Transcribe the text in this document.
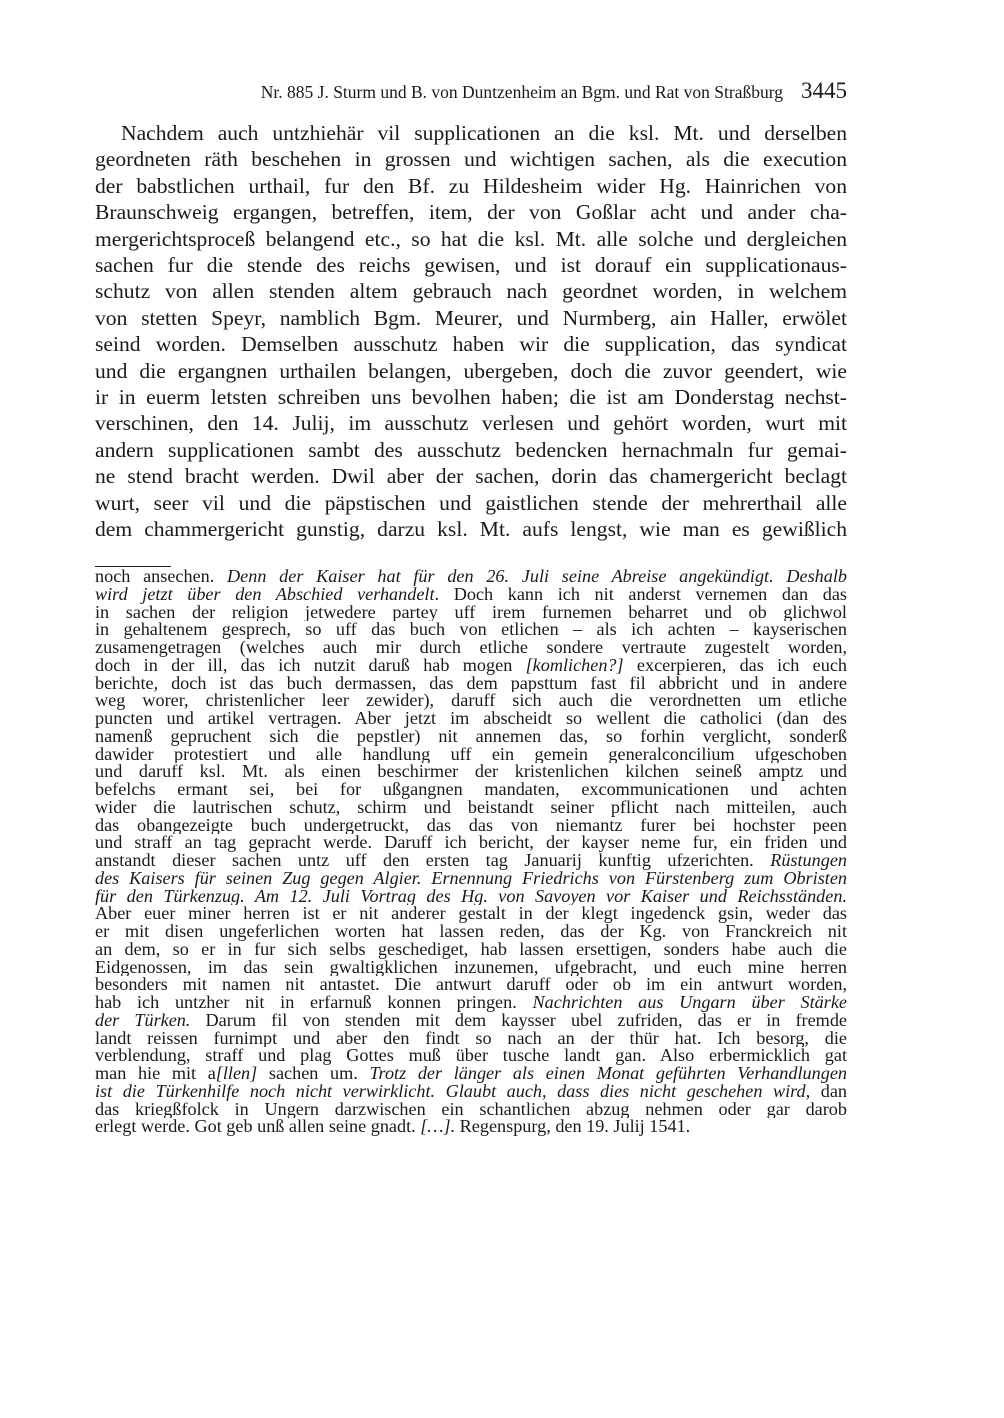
Nr. 885 J. Sturm und B. von Duntzenheim an Bgm. und Rat von Straßburg 3445
Nachdem auch untzhiehär vil supplicationen an die ksl. Mt. und derselben
geordneten räth beschehen in grossen und wichtigen sachen, als die execution
der babstlichen urthail, fur den Bf. zu Hildesheim wider Hg. Hainrichen von
Braunschweig ergangen, betreffen, item, der von Goßlar acht und ander cha-
mergerichtsproceß belangend etc., so hat die ksl. Mt. alle solche und dergleichen
sachen fur die stende des reichs gewisen, und ist dorauf ein supplicationaus-
schutz von allen stenden altem gebrauch nach geordnet worden, in welchem
von stetten Speyr, namblich Bgm. Meurer, und Nurmberg, ain Haller, erwölet
seind worden. Demselben ausschutz haben wir die supplication, das syndicat
und die ergangnen urthailen belangen, ubergeben, doch die zuvor geendert, wie
ir in euerm letsten schreiben uns bevolhen haben; die ist am Donderstag nechst-
verschinen, den 14. Julij, im ausschutz verlesen und gehört worden, wurt mit
andern supplicationen sambt des ausschutz bedencken hernachmaln fur gemai-
ne stend bracht werden. Dwil aber der sachen, dorin das chamergericht beclagt
wurt, seer vil und die päpstischen und gaistlichen stende der mehrerthail alle
dem chammergericht gunstig, darzu ksl. Mt. aufs lengst, wie man es gewißlich
noch ansechen. Denn der Kaiser hat für den 26. Juli seine Abreise angekündigt. Deshalb
wird jetzt über den Abschied verhandelt. Doch kann ich nit anderst vernemen dan das
in sachen der religion jetwedere partey uff irem furnemen beharret und ob glichwol
in gehaltenem gesprech, so uff das buch von etlichen – als ich achten – kayserischen
zusamengetragen (welches auch mir durch etliche sondere vertraute zugestelt worden,
doch in der ill, das ich nutzit daruß hab mogen [komlichen?] excerpieren, das ich euch
berichte, doch ist das buch dermassen, das dem papsttum fast fil abbricht und in andere
weg worer, christenlicher leer zewider), daruff sich auch die verordnetten um etliche
puncten und artikel vertragen. Aber jetzt im abscheidt so wellent die catholici (dan des
namenß gepruchent sich die pepstler) nit annemen das, so forhin verglicht, sonderß
dawider protestiert und alle handlung uff ein gemein generalconcilium ufgeschoben
und daruff ksl. Mt. als einen beschirmer der kristenlichen kilchen seineß amptz und
befelchs ermant sei, bei for ußgangnen mandaten, excommunicationen und achten
wider die lautrischen schutz, schirm und beistandt seiner pflicht nach mitteilen, auch
das obangezeigte buch undergetruckt, das das von niemantz furer bei hochster peen
und straff an tag gepracht werde. Daruff ich bericht, der kayser neme fur, ein friden und
anstandt dieser sachen untz uff den ersten tag Januarij kunftig ufzerichten. Rüstungen
des Kaisers für seinen Zug gegen Algier. Ernennung Friedrichs von Fürstenberg zum Obristen
für den Türkenzug. Am 12. Juli Vortrag des Hg. von Savoyen vor Kaiser und Reichsständen.
Aber euer miner herren ist er nit anderer gestalt in der klegt ingedenck gsin, weder das
er mit disen ungeferlichen worten hat lassen reden, das der Kg. von Franckreich nit
an dem, so er in fur sich selbs geschediget, hab lassen ersettigen, sonders habe auch die
Eidgenossen, im das sein gwaltigklichen inzunemen, ufgebracht, und euch mine herren
besonders mit namen nit antastet. Die antwurt daruff oder ob im ein antwurt worden,
hab ich untzher nit in erfarnuß konnen pringen. Nachrichten aus Ungarn über Stärke
der Türken. Darum fil von stenden mit dem kaysser ubel zufriden, das er in fremde
landt reissen furnimpt und aber den findt so nach an der thür hat. Ich besorg, die
verblendung, straff und plag Gottes muß über tusche landt gan. Also erbermicklich gat
man hie mit a[llen] sachen um. Trotz der länger als einen Monat geführten Verhandlungen
ist die Türkenhilfe noch nicht verwirklicht. Glaubt auch, dass dies nicht geschehen wird, dan
das kriegßfolck in Ungern darzwischen ein schantlichen abzug nehmen oder gar darob
erlegt werde. Got geb unß allen seine gnadt. […]. Regenspurg, den 19. Julij 1541.
